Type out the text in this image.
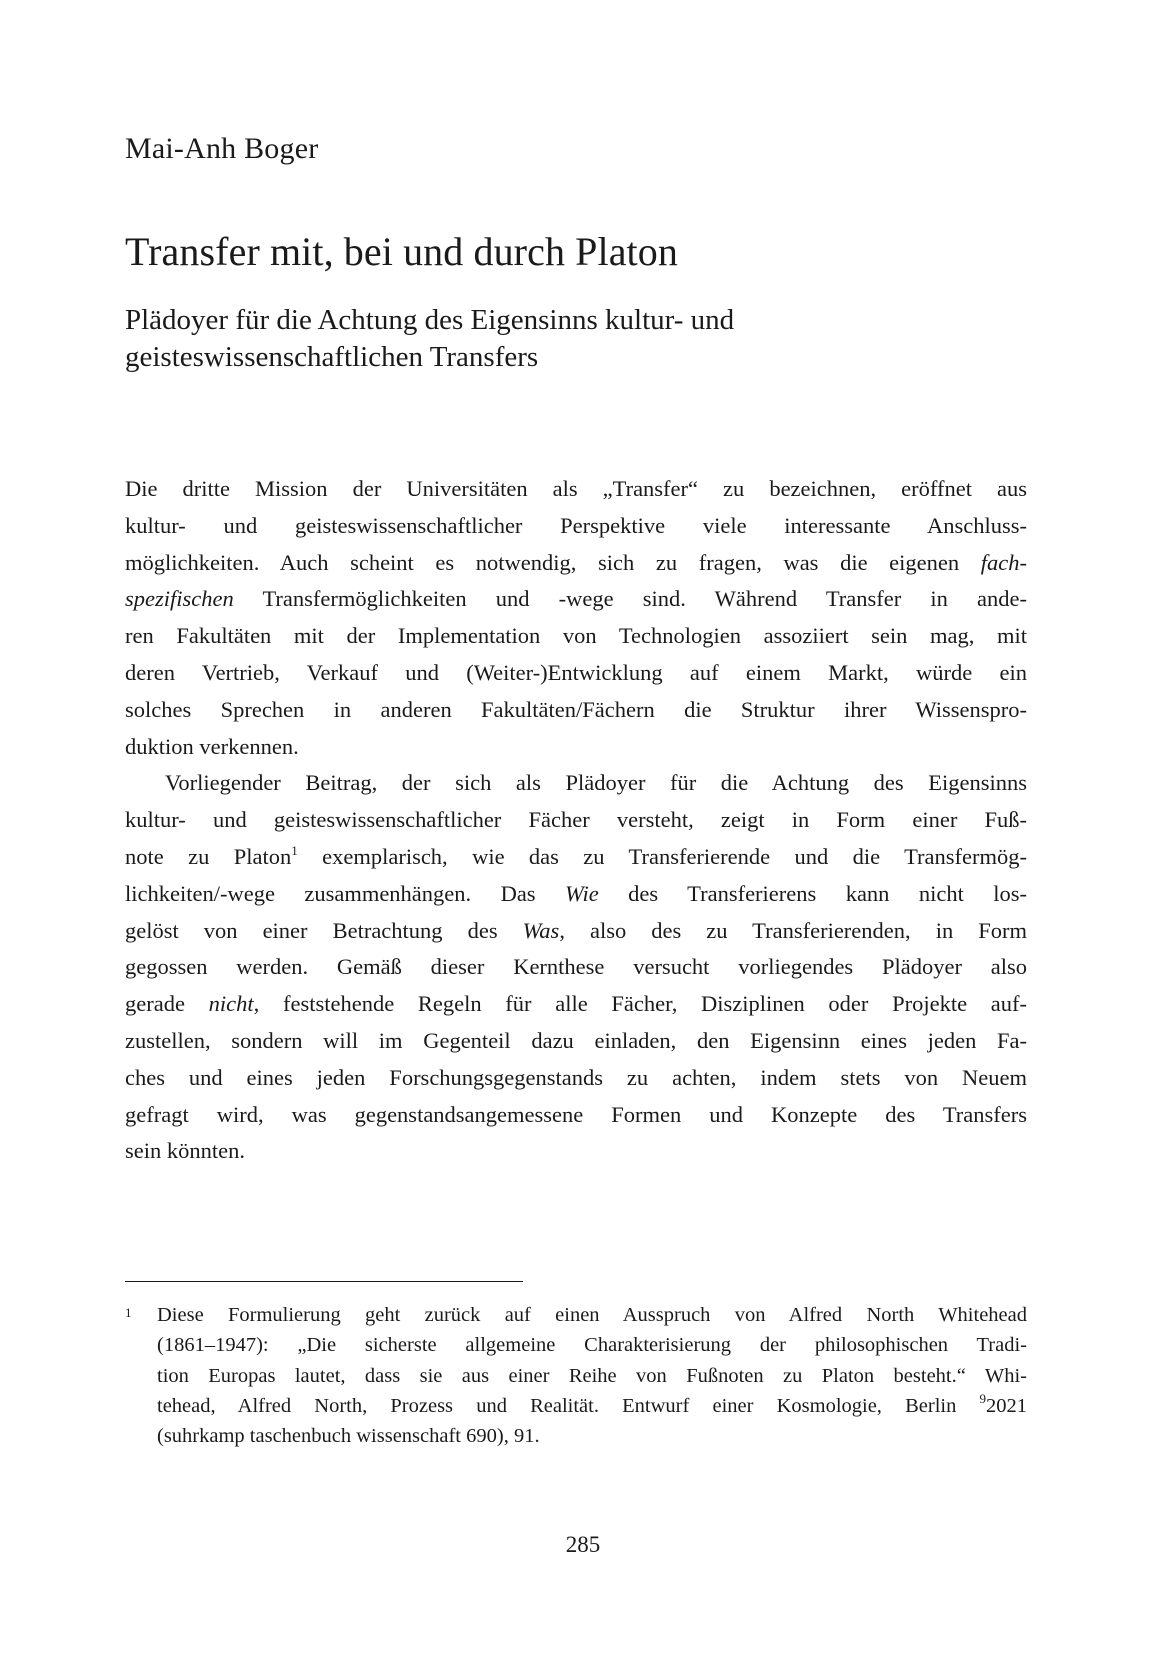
Mai-Anh Boger
Transfer mit, bei und durch Platon
Plädoyer für die Achtung des Eigensinns kultur- und
geisteswissenschaftlichen Transfers
Die dritte Mission der Universitäten als „Transfer“ zu bezeichnen, eröffnet aus
kultur- und geisteswissenschaftlicher Perspektive viele interessante Anschluss-
möglichkeiten. Auch scheint es notwendig, sich zu fragen, was die eigenen fach-
spezifischen Transfermöglichkeiten und -wege sind. Während Transfer in ande-
ren Fakultäten mit der Implementation von Technologien assoziiert sein mag, mit
deren Vertrieb, Verkauf und (Weiter-)Entwicklung auf einem Markt, würde ein
solches Sprechen in anderen Fakultäten/Fächern die Struktur ihrer Wissenspro-
duktion verkennen.
Vorliegender Beitrag, der sich als Plädoyer für die Achtung des Eigensinns
kultur- und geisteswissenschaftlicher Fächer versteht, zeigt in Form einer Fuß-
note zu Platon$^1$ exemplarisch, wie das zu Transferierende und die Transfermög-
lichkeiten/-wege zusammenhängen. Das Wie des Transferierens kann nicht los-
gelöst von einer Betrachtung des Was, also des zu Transferierenden, in Form
gegossen werden. Gemäß dieser Kernthese versucht vorliegendes Plädoyer also
gerade nicht, feststehende Regeln für alle Fächer, Disziplinen oder Projekte auf-
zustellen, sondern will im Gegenteil dazu einladen, den Eigensinn eines jeden Fa-
ches und eines jeden Forschungsgegenstands zu achten, indem stets von Neuem
gefragt wird, was gegenstandsangemessene Formen und Konzepte des Transfers
sein könnten.
1 Diese Formulierung geht zurück auf einen Ausspruch von Alfred North Whitehead
(1861–1947): „Die sicherste allgemeine Charakterisierung der philosophischen Tradi-
tion Europas lautet, dass sie aus einer Reihe von Fußnoten zu Platon besteht.“ Whi-
tehead, Alfred North, Prozess und Realität. Entwurf einer Kosmologie, Berlin $^9$2021
(suhrkamp taschenbuch wissenschaft 690), 91.
285
